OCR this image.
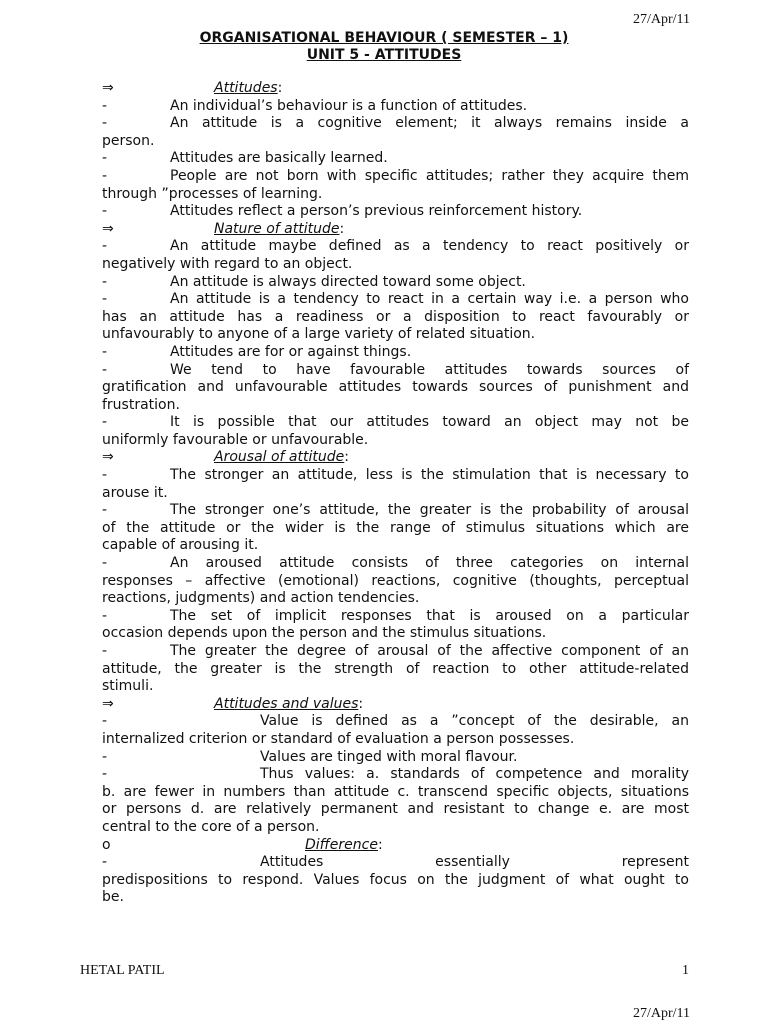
27/Apr/11
ORGANISATIONAL BEHAVIOUR ( SEMESTER – 1)
UNIT 5 - ATTITUDES
⇒	Attitudes:
-	An individual’s behaviour is a function of attitudes.
-	An attitude is a cognitive element; it always remains inside a
person.
-	Attitudes are basically learned.
-	People are not born with specific attitudes; rather they acquire them
through ”processes of learning.
-	Attitudes reflect a person’s previous reinforcement history.
⇒	Nature of attitude:
-	An attitude maybe defined as a tendency to react positively or
negatively with regard to an object.
-	An attitude is always directed toward some object.
-	An attitude is a tendency to react in a certain way i.e. a person who
has an attitude has a readiness or a disposition to react favourably or
unfavourably to anyone of a large variety of related situation.
-	Attitudes are for or against things.
-	We tend to have favourable attitudes towards sources of
gratification and unfavourable attitudes towards sources of punishment and
frustration.
-	It is possible that our attitudes toward an object may not be
uniformly favourable or unfavourable.
⇒	Arousal of attitude:
-	The stronger an attitude, less is the stimulation that is necessary to
arouse it.
-	The stronger one’s attitude, the greater is the probability of arousal
of the attitude or the wider is the range of stimulus situations which are
capable of arousing it.
-	An aroused attitude consists of three categories on internal
responses – affective (emotional) reactions, cognitive (thoughts, perceptual
reactions, judgments) and action tendencies.
-	The set of implicit responses that is aroused on a particular
occasion depends upon the person and the stimulus situations.
-	The greater the degree of arousal of the affective component of an
attitude, the greater is the strength of reaction to other attitude-related
stimuli.
⇒	Attitudes and values:
-	Value is defined as a ”concept of the desirable, an
internalized criterion or standard of evaluation a person possesses.
-	Values are tinged with moral flavour.
-	Thus values: a. standards of competence and morality
b. are fewer in numbers than attitude c. transcend specific objects, situations
or persons d. are relatively permanent and resistant to change e. are most
central to the core of a person.
o	Difference:
-	Attitudes essentially represent
predispositions to respond. Values focus on the judgment of what ought to
be.
HETAL PATIL	1
27/Apr/11
